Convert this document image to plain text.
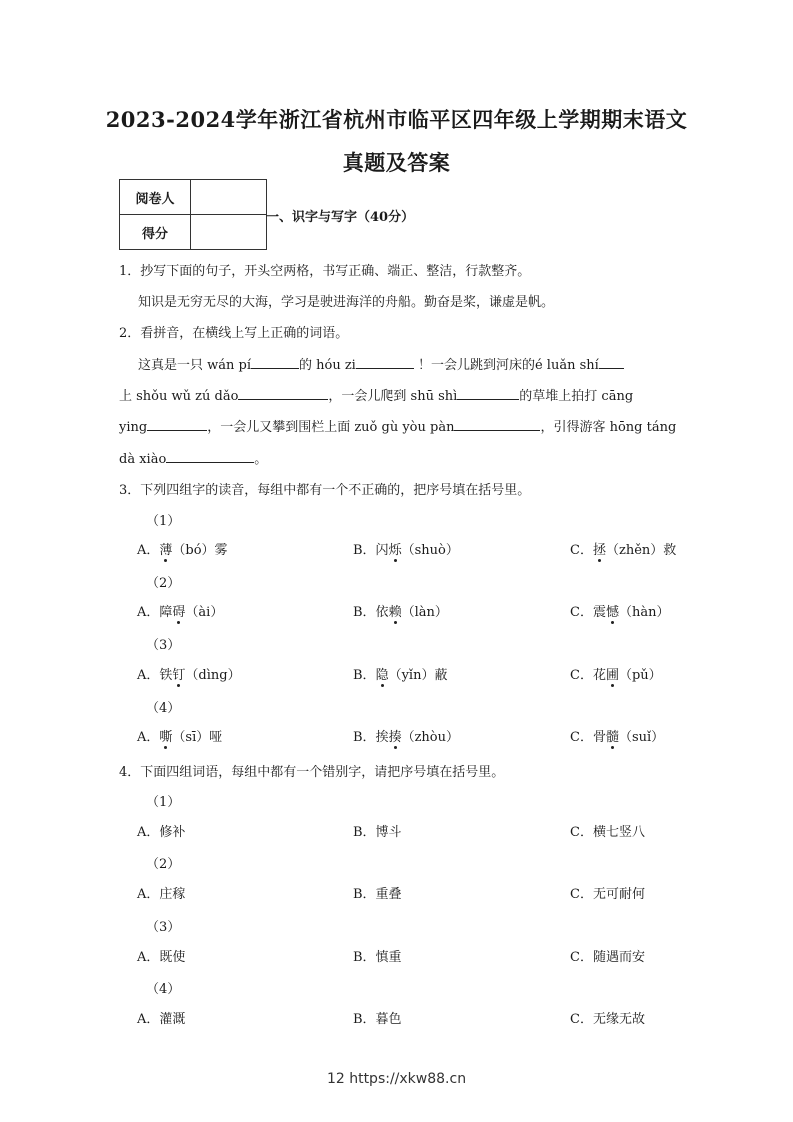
2023-2024学年浙江省杭州市临平区四年级上学期期末语文
真题及答案
阅卷人	
得分	
一、识字与写字（40分）
1．抄写下面的句子，开头空两格，书写正确、端正、整洁，行款整齐。
知识是无穷无尽的大海，学习是驶进海洋的舟船。勤奋是桨，谦虚是帆。
2．看拼音，在横线上写上正确的词语。
这真是一只 wán pí	的 hóu zi	！一会儿跳到河床的é luǎn shí
上 shǒu wǔ zú dǎo	，一会儿爬到 shū shì	的草堆上拍打 cāng
ying	，一会儿又攀到围栏上面 zuǒ gù yòu pàn	，引得游客 hōng táng
dà xiào	。
3．下列四组字的读音，每组中都有一个不正确的，把序号填在括号里。
（1）
A．薄（bó）雾	B．闪烁（shuò）	C．拯（zhěn）救
（2）
A．障碍（ài）	B．依赖（làn）	C．震憾（hàn）
（3）
A．铁钉（dìng）	B．隐（yǐn）蔽	C．花圃（pǔ）
（4）
A．嘶（sī）哑	B．挨揍（zhòu）	C．骨髓（suǐ）
4．下面四组词语，每组中都有一个错别字，请把序号填在括号里。
（1）
A．修补	B．博斗	C．横七竖八
（2）
A．庄稼	B．重叠	C．无可耐何
（3）
A．既使	B．慎重	C．随遇而安
（4）
A．灌溉	B．暮色	C．无缘无故
12 https://xkw88.cn
